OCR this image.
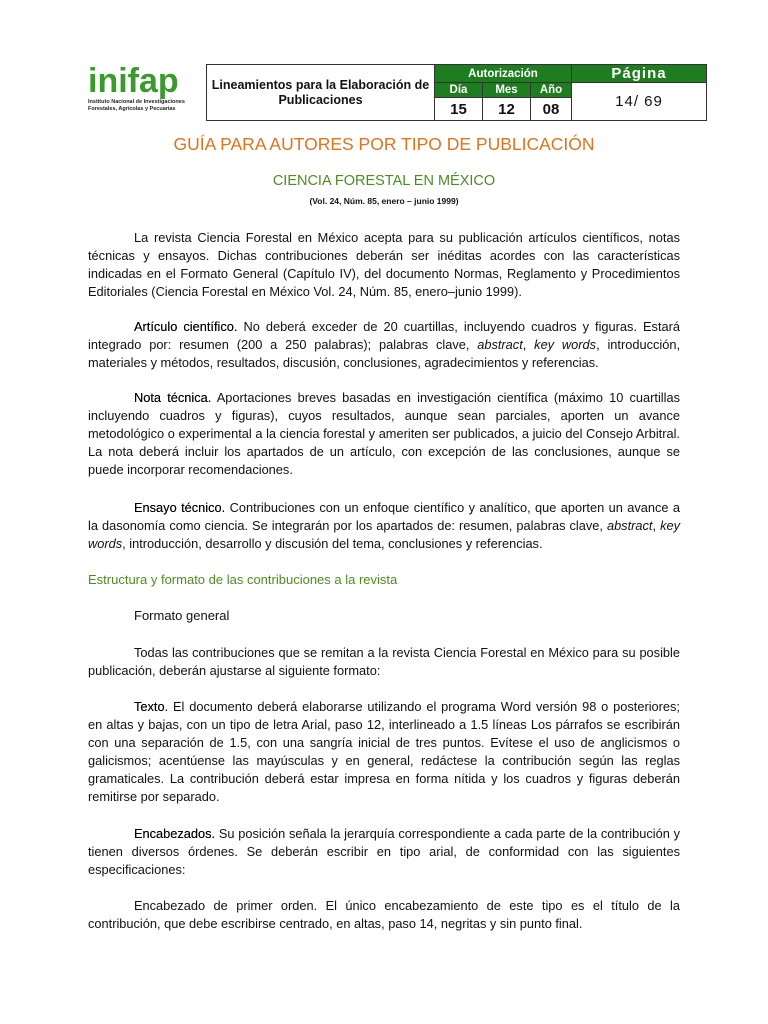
inifap
Instituto Nacional de Investigaciones Forestales, Agrícolas y Pecuarias
Lineamientos para la Elaboración de Publicaciones	Autorización			Página
	Día	Mes	Año	14/ 69
	15	12	08	
GUÍA PARA AUTORES POR TIPO DE PUBLICACIÓN
CIENCIA FORESTAL EN MÉXICO
(Vol. 24, Núm. 85, enero – junio 1999)
La revista Ciencia Forestal en México acepta para su publicación artículos científicos, notas técnicas y ensayos. Dichas contribuciones deberán ser inéditas acordes con las características indicadas en el Formato General (Capítulo IV), del documento Normas, Reglamento y Procedimientos Editoriales (Ciencia Forestal en México Vol. 24, Núm. 85, enero–junio 1999).
Artículo científico. No deberá exceder de 20 cuartillas, incluyendo cuadros y figuras. Estará integrado por: resumen (200 a 250 palabras); palabras clave, abstract, key words, introducción, materiales y métodos, resultados, discusión, conclusiones, agradecimientos y referencias.
Nota técnica. Aportaciones breves basadas en investigación científica (máximo 10 cuartillas incluyendo cuadros y figuras), cuyos resultados, aunque sean parciales, aporten un avance metodológico o experimental a la ciencia forestal y ameriten ser publicados, a juicio del Consejo Arbitral. La nota deberá incluir los apartados de un artículo, con excepción de las conclusiones, aunque se puede incorporar recomendaciones.
Ensayo técnico. Contribuciones con un enfoque científico y analítico, que aporten un avance a la dasonomía como ciencia. Se integrarán por los apartados de: resumen, palabras clave, abstract, key words, introducción, desarrollo y discusión del tema, conclusiones y referencias.
Estructura y formato de las contribuciones a la revista
Formato general
Todas las contribuciones que se remitan a la revista Ciencia Forestal en México para su posible publicación, deberán ajustarse al siguiente formato:
Texto. El documento deberá elaborarse utilizando el programa Word versión 98 o posteriores; en altas y bajas, con un tipo de letra Arial, paso 12, interlineado a 1.5 líneas Los párrafos se escribirán con una separación de 1.5, con una sangría inicial de tres puntos. Evítese el uso de anglicismos o galicismos; acentúense las mayúsculas y en general, redáctese la contribución según las reglas gramaticales. La contribución deberá estar impresa en forma nítida y los cuadros y figuras deberán remitirse por separado.
Encabezados. Su posición señala la jerarquía correspondiente a cada parte de la contribución y tienen diversos órdenes. Se deberán escribir en tipo arial, de conformidad con las siguientes especificaciones:
Encabezado de primer orden. El único encabezamiento de este tipo es el título de la contribución, que debe escribirse centrado, en altas, paso 14, negritas y sin punto final.
